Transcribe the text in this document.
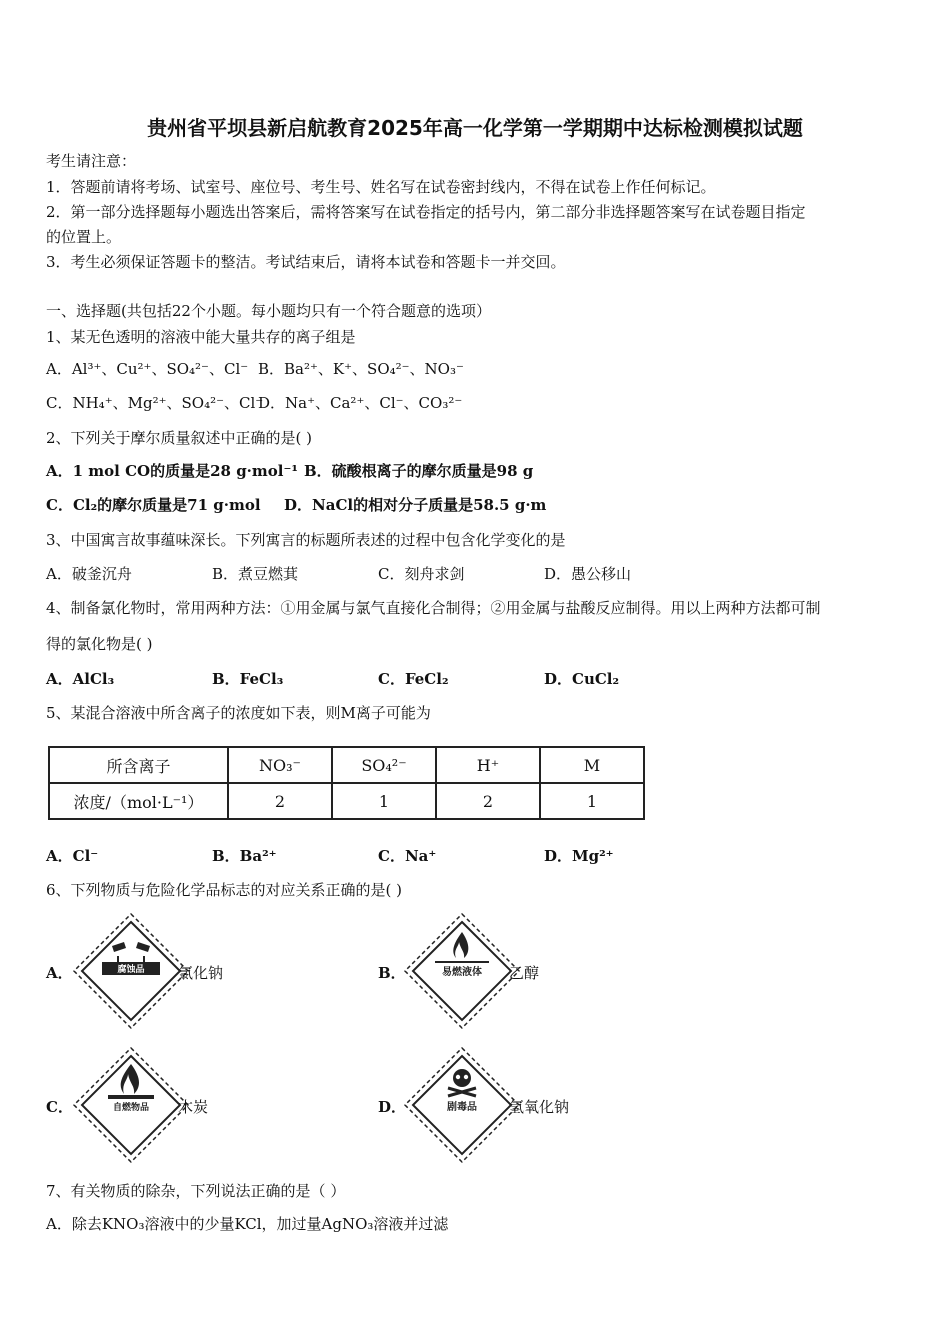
贵州省平坝县新启航教育2025年高一化学第一学期期中达标检测模拟试题
考生请注意：
1．答题前请将考场、试室号、座位号、考生号、姓名写在试卷密封线内，不得在试卷上作任何标记。
2．第一部分选择题每小题选出答案后，需将答案写在试卷指定的括号内，第二部分非选择题答案写在试卷题目指定
的位置上。
3．考生必须保证答题卡的整洁。考试结束后，请将本试卷和答题卡一并交回。
一、选择题(共包括22个小题。每小题均只有一个符合题意的选项）
1、某无色透明的溶液中能大量共存的离子组是
A．Al³⁺、Cu²⁺、SO₄²⁻、Cl⁻ B．Ba²⁺、K⁺、SO₄²⁻、NO₃⁻
C．NH₄⁺、Mg²⁺、SO₄²⁻、Cl⁻
D．Na⁺、Ca²⁺、Cl⁻、CO₃²⁻
2、下列关于摩尔质量叙述中正确的是( )
A．1 mol CO的质量是28 g·mol⁻¹ B．硫酸根离子的摩尔质量是98 g
C．Cl₂的摩尔质量是71 g·mol D．NaCl的相对分子质量是58.5 g·m
3、中国寓言故事蕴味深长。下列寓言的标题所表述的过程中包含化学变化的是
A．破釜沉舟	B．煮豆燃萁	C．刻舟求剑	D．愚公移山
4、制备氯化物时，常用两种方法：①用金属与氯气直接化合制得；②用金属与盐酸反应制得。用以上两种方法都可制
得的氯化物是( )
A．AlCl₃	B．FeCl₃	C．FeCl₂	D．CuCl₂
5、某混合溶液中所含离子的浓度如下表，则M离子可能为
所含离子	NO₃⁻	SO₄²⁻	H⁺	M
浓度/（mol·L⁻¹）	2	1	2	1
A．Cl⁻	B．Ba²⁺	C．Na⁺	D．Mg²⁺
6、下列物质与危险化学品标志的对应关系正确的是( )
A．	腐蚀品 氯化钠	B．	易燃液体 乙醇
C．	自燃物品 木炭	D．	剧毒品 氢氧化钠
7、有关物质的除杂，下列说法正确的是（ ）
A．除去KNO₃溶液中的少量KCl，加过量AgNO₃溶液并过滤
